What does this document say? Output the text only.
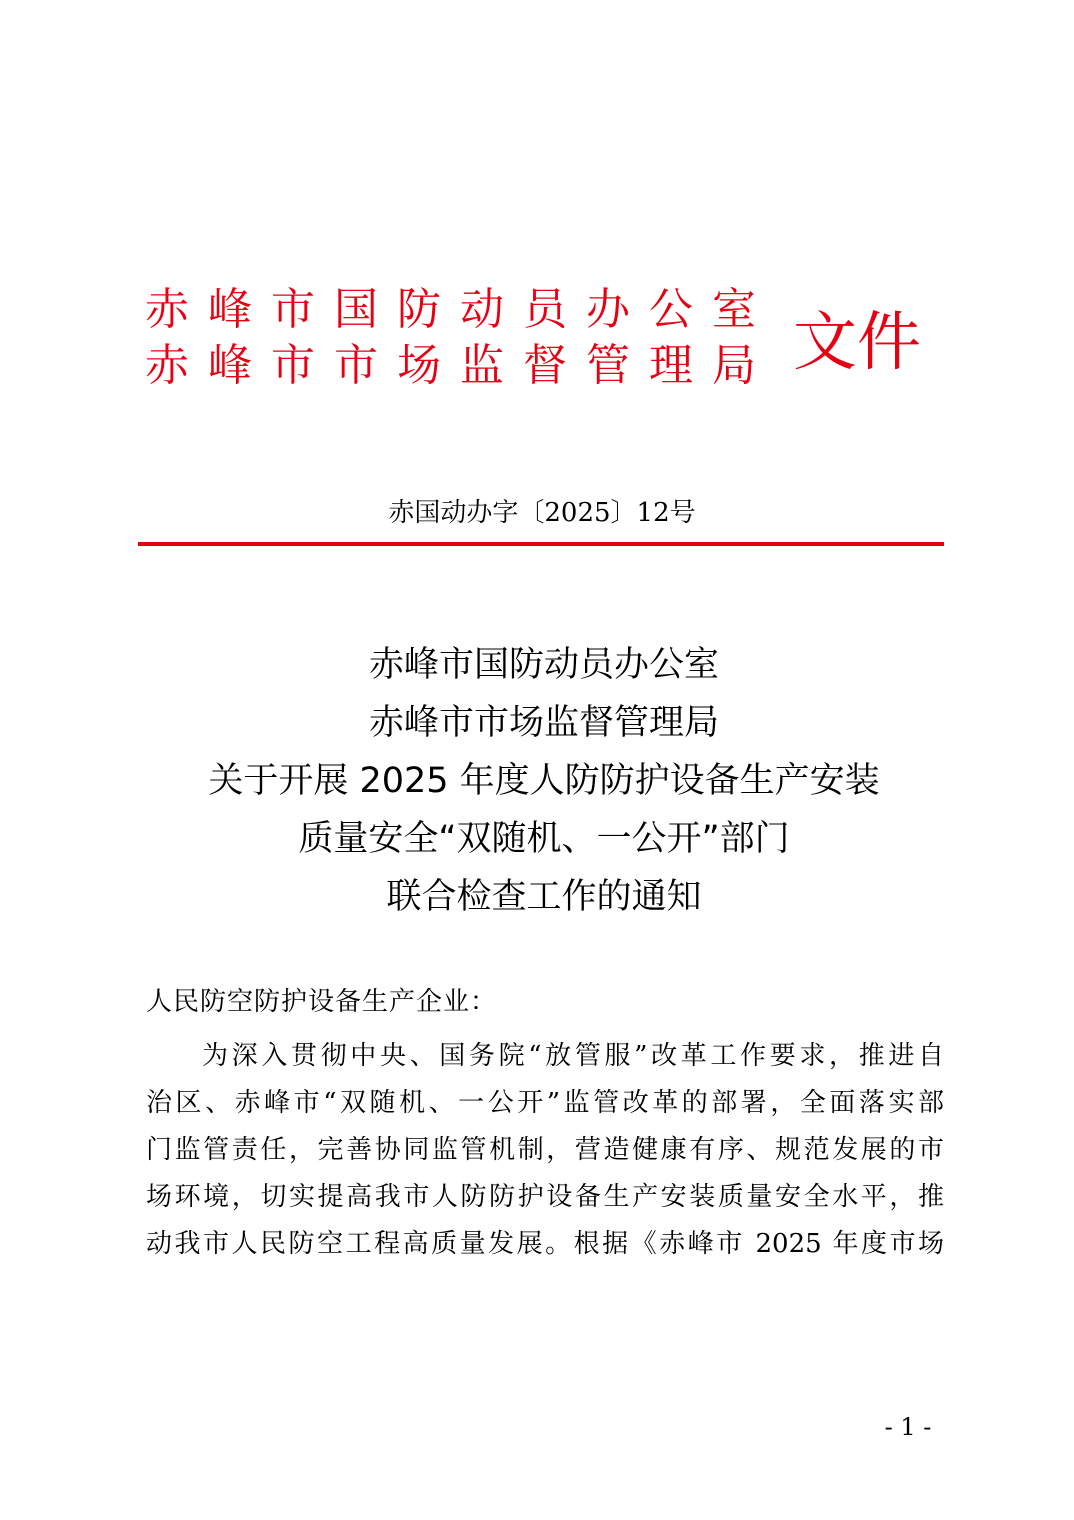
赤峰市国防动员办公室
赤峰市市场监督管理局 文件
赤国动办字〔2025〕12号
赤峰市国防动员办公室
赤峰市市场监督管理局
关于开展 2025 年度人防防护设备生产安装
质量安全“双随机、一公开”部门
联合检查工作的通知
人民防空防护设备生产企业：
为深入贯彻中央、国务院“放管服”改革工作要求，推进自
治区、赤峰市“双随机、一公开”监管改革的部署，全面落实部
门监管责任，完善协同监管机制，营造健康有序、规范发展的市
场环境，切实提高我市人防防护设备生产安装质量安全水平，推
动我市人民防空工程高质量发展。根据《赤峰市 2025 年度市场
- 1 -
